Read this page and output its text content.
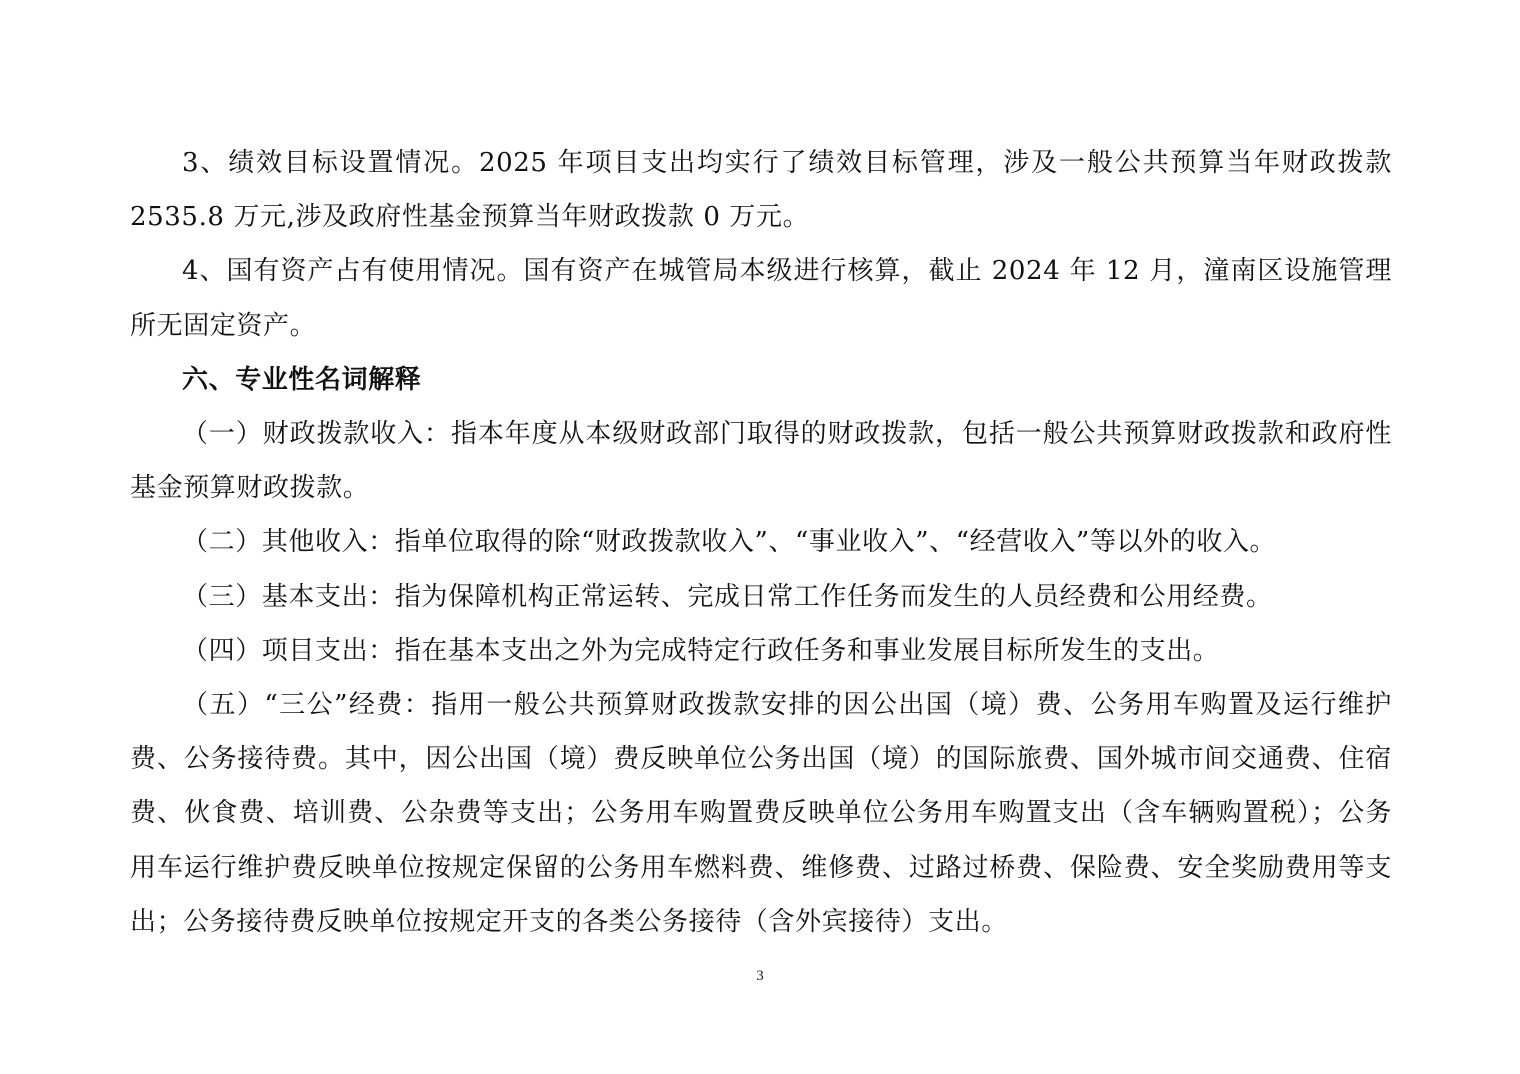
3、绩效目标设置情况。2025 年项目支出均实行了绩效目标管理，涉及一般公共预算当年财政拨款 2535.8 万元,涉及政府性基金预算当年财政拨款 0 万元。

4、国有资产占有使用情况。国有资产在城管局本级进行核算，截止 2024 年 12 月，潼南区设施管理所无固定资产。

六、专业性名词解释

（一）财政拨款收入：指本年度从本级财政部门取得的财政拨款，包括一般公共预算财政拨款和政府性基金预算财政拨款。

（二）其他收入：指单位取得的除“财政拨款收入”、“事业收入”、“经营收入”等以外的收入。

（三）基本支出：指为保障机构正常运转、完成日常工作任务而发生的人员经费和公用经费。

（四）项目支出：指在基本支出之外为完成特定行政任务和事业发展目标所发生的支出。

（五）“三公”经费：指用一般公共预算财政拨款安排的因公出国（境）费、公务用车购置及运行维护费、公务接待费。其中，因公出国（境）费反映单位公务出国（境）的国际旅费、国外城市间交通费、住宿费、伙食费、培训费、公杂费等支出；公务用车购置费反映单位公务用车购置支出（含车辆购置税）；公务用车运行维护费反映单位按规定保留的公务用车燃料费、维修费、过路过桥费、保险费、安全奖励费用等支出；公务接待费反映单位按规定开支的各类公务接待（含外宾接待）支出。

3
